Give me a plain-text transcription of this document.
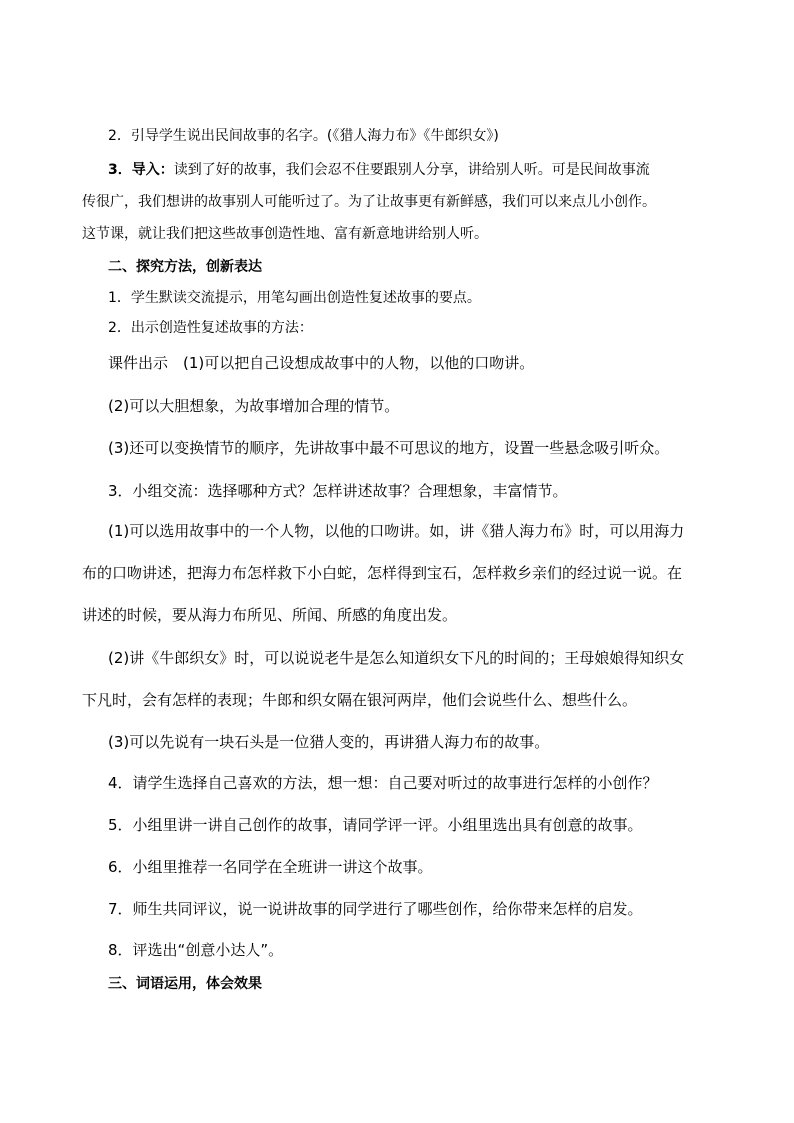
2．引导学生说出民间故事的名字。(《猎人海力布》《牛郎织女》)
3．导入：读到了好的故事，我们会忍不住要跟别人分享，讲给别人听。可是民间故事流
传很广，我们想讲的故事别人可能听过了。为了让故事更有新鲜感，我们可以来点儿小创作。
这节课，就让我们把这些故事创造性地、富有新意地讲给别人听。
二、探究方法，创新表达
1．学生默读交流提示，用笔勾画出创造性复述故事的要点。
2．出示创造性复述故事的方法：
课件出示　(1)可以把自己设想成故事中的人物，以他的口吻讲。
(2)可以大胆想象，为故事增加合理的情节。
(3)还可以变换情节的顺序，先讲故事中最不可思议的地方，设置一些悬念吸引听众。
3．小组交流：选择哪种方式？怎样讲述故事？合理想象，丰富情节。
(1)可以选用故事中的一个人物，以他的口吻讲。如，讲《猎人海力布》时，可以用海力
布的口吻讲述，把海力布怎样救下小白蛇，怎样得到宝石，怎样救乡亲们的经过说一说。在
讲述的时候，要从海力布所见、所闻、所感的角度出发。
(2)讲《牛郎织女》时，可以说说老牛是怎么知道织女下凡的时间的；王母娘娘得知织女
下凡时，会有怎样的表现；牛郎和织女隔在银河两岸，他们会说些什么、想些什么。
(3)可以先说有一块石头是一位猎人变的，再讲猎人海力布的故事。
4．请学生选择自己喜欢的方法，想一想：自己要对听过的故事进行怎样的小创作？
5．小组里讲一讲自己创作的故事，请同学评一评。小组里选出具有创意的故事。
6．小组里推荐一名同学在全班讲一讲这个故事。
7．师生共同评议，说一说讲故事的同学进行了哪些创作，给你带来怎样的启发。
8．评选出“创意小达人”。
三、词语运用，体会效果
